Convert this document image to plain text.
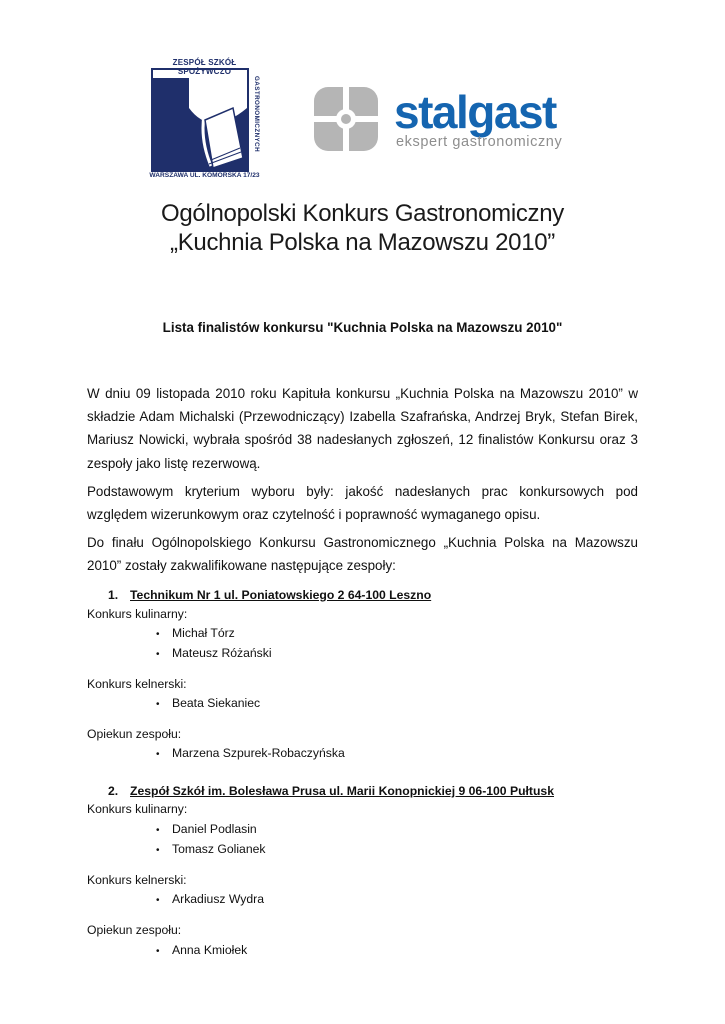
ZESPÓŁ SZKÓŁ SPOŻYWCZO
GASTRONOMICZNYCH
WARSZAWA UL. KOMORSKA 17/23
stalgast
ekspert gastronomiczny
Ogólnopolski Konkurs Gastronomiczny
„Kuchnia Polska na Mazowszu 2010”
Lista finalistów konkursu "Kuchnia Polska na Mazowszu 2010"

W dniu 09 listopada 2010 roku Kapituła konkursu „Kuchnia Polska na Mazowszu 2010” w składzie Adam Michalski (Przewodniczący) Izabella Szafrańska, Andrzej Bryk, Stefan Birek, Mariusz Nowicki, wybrała spośród 38 nadesłanych zgłoszeń, 12 finalistów Konkursu oraz 3 zespoły jako listę rezerwową.

Podstawowym kryterium wyboru były: jakość nadesłanych prac konkursowych pod względem wizerunkowym oraz czytelność i poprawność wymaganego opisu.

Do finału Ogólnopolskiego Konkursu Gastronomicznego „Kuchnia Polska na Mazowszu 2010” zostały zakwalifikowane następujące zespoły:

1. Technikum Nr 1 ul. Poniatowskiego 2 64-100 Leszno
Konkurs kulinarny:
• Michał Tórz
• Mateusz Różański
Konkurs kelnerski:
• Beata Siekaniec
Opiekun zespołu:
• Marzena Szpurek-Robaczyńska
2. Zespół Szkół im. Bolesława Prusa ul. Marii Konopnickiej 9 06-100 Pułtusk
Konkurs kulinarny:
• Daniel Podlasin
• Tomasz Golianek
Konkurs kelnerski:
• Arkadiusz Wydra
Opiekun zespołu:
• Anna Kmiołek
